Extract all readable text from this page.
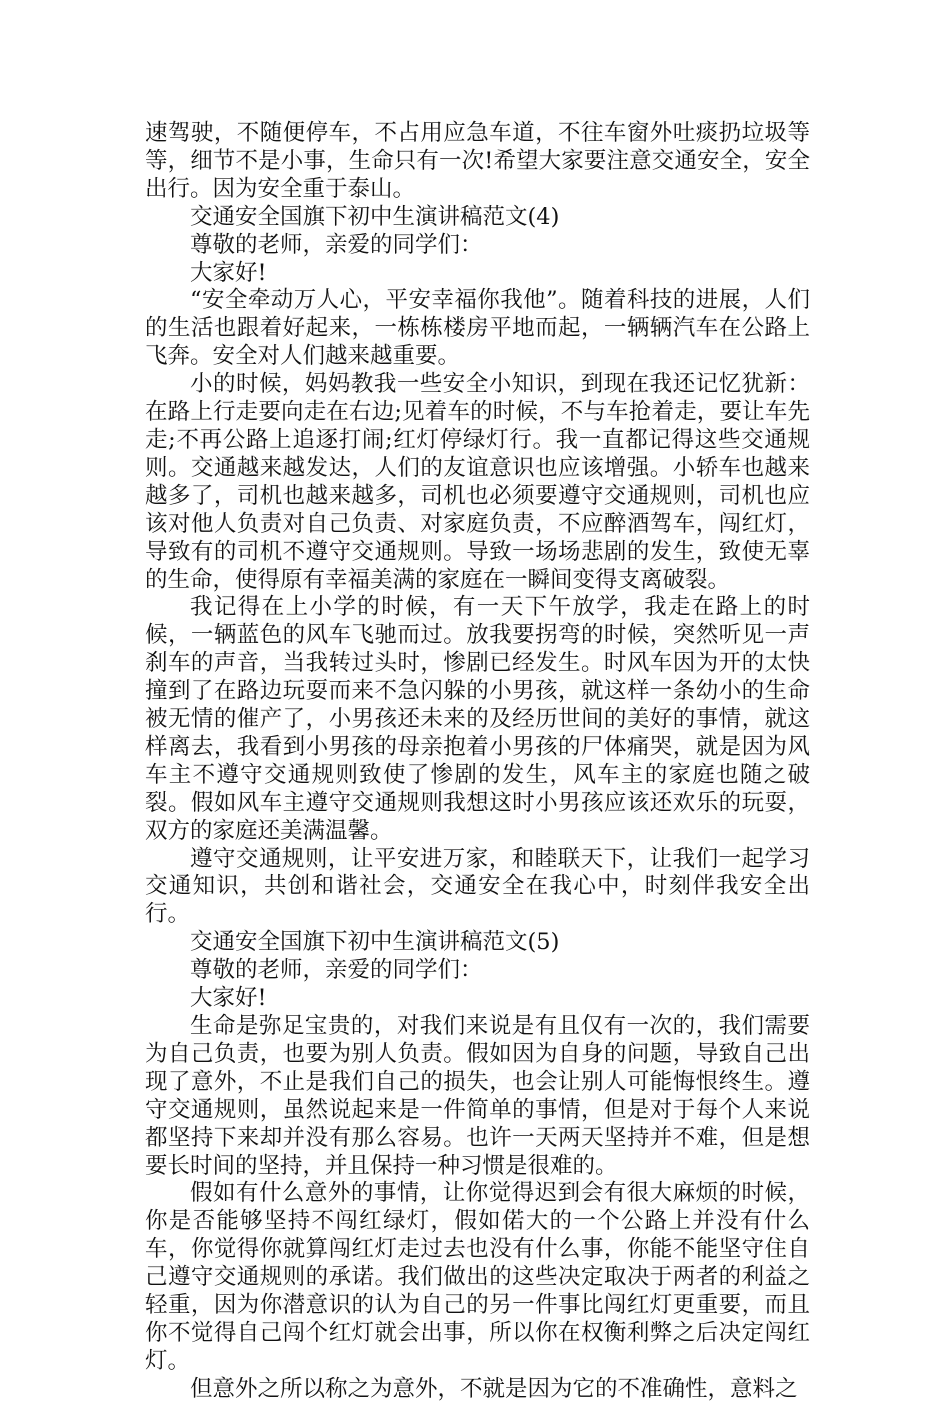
速驾驶，不随便停车，不占用应急车道，不往车窗外吐痰扔垃圾等等，细节不是小事，生命只有一次!希望大家要注意交通安全，安全出行。因为安全重于泰山。

交通安全国旗下初中生演讲稿范文(4)

尊敬的老师，亲爱的同学们：

大家好!

“安全牵动万人心，平安幸福你我他”。随着科技的进展，人们的生活也跟着好起来，一栋栋楼房平地而起，一辆辆汽车在公路上飞奔。安全对人们越来越重要。

小的时候，妈妈教我一些安全小知识，到现在我还记忆犹新：在路上行走要向走在右边;见着车的时候，不与车抢着走，要让车先走;不再公路上追逐打闹;红灯停绿灯行。我一直都记得这些交通规则。交通越来越发达，人们的友谊意识也应该增强。小轿车也越来越多了，司机也越来越多，司机也必须要遵守交通规则，司机也应该对他人负责对自己负责、对家庭负责，不应醉酒驾车，闯红灯，导致有的司机不遵守交通规则。导致一场场悲剧的发生，致使无辜的生命，使得原有幸福美满的家庭在一瞬间变得支离破裂。

我记得在上小学的时候，有一天下午放学，我走在路上的时候，一辆蓝色的风车飞驰而过。放我要拐弯的时候，突然听见一声刹车的声音，当我转过头时，惨剧已经发生。时风车因为开的太快撞到了在路边玩耍而来不急闪躲的小男孩，就这样一条幼小的生命被无情的催产了，小男孩还未来的及经历世间的美好的事情，就这样离去，我看到小男孩的母亲抱着小男孩的尸体痛哭，就是因为风车主不遵守交通规则致使了惨剧的发生，风车主的家庭也随之破裂。假如风车主遵守交通规则我想这时小男孩应该还欢乐的玩耍，双方的家庭还美满温馨。

遵守交通规则，让平安进万家，和睦联天下，让我们一起学习交通知识，共创和谐社会，交通安全在我心中，时刻伴我安全出行。

交通安全国旗下初中生演讲稿范文(5)

尊敬的老师，亲爱的同学们：

大家好!

生命是弥足宝贵的，对我们来说是有且仅有一次的，我们需要为自己负责，也要为别人负责。假如因为自身的问题，导致自己出现了意外，不止是我们自己的损失，也会让别人可能悔恨终生。遵守交通规则，虽然说起来是一件简单的事情，但是对于每个人来说都坚持下来却并没有那么容易。也许一天两天坚持并不难，但是想要长时间的坚持，并且保持一种习惯是很难的。

假如有什么意外的事情，让你觉得迟到会有很大麻烦的时候，你是否能够坚持不闯红绿灯，假如偌大的一个公路上并没有什么车，你觉得你就算闯红灯走过去也没有什么事，你能不能坚守住自己遵守交通规则的承诺。我们做出的这些决定取决于两者的利益之轻重，因为你潜意识的认为自己的另一件事比闯红灯更重要，而且你不觉得自己闯个红灯就会出事，所以你在权衡利弊之后决定闯红灯。

但意外之所以称之为意外，不就是因为它的不准确性，意料之
